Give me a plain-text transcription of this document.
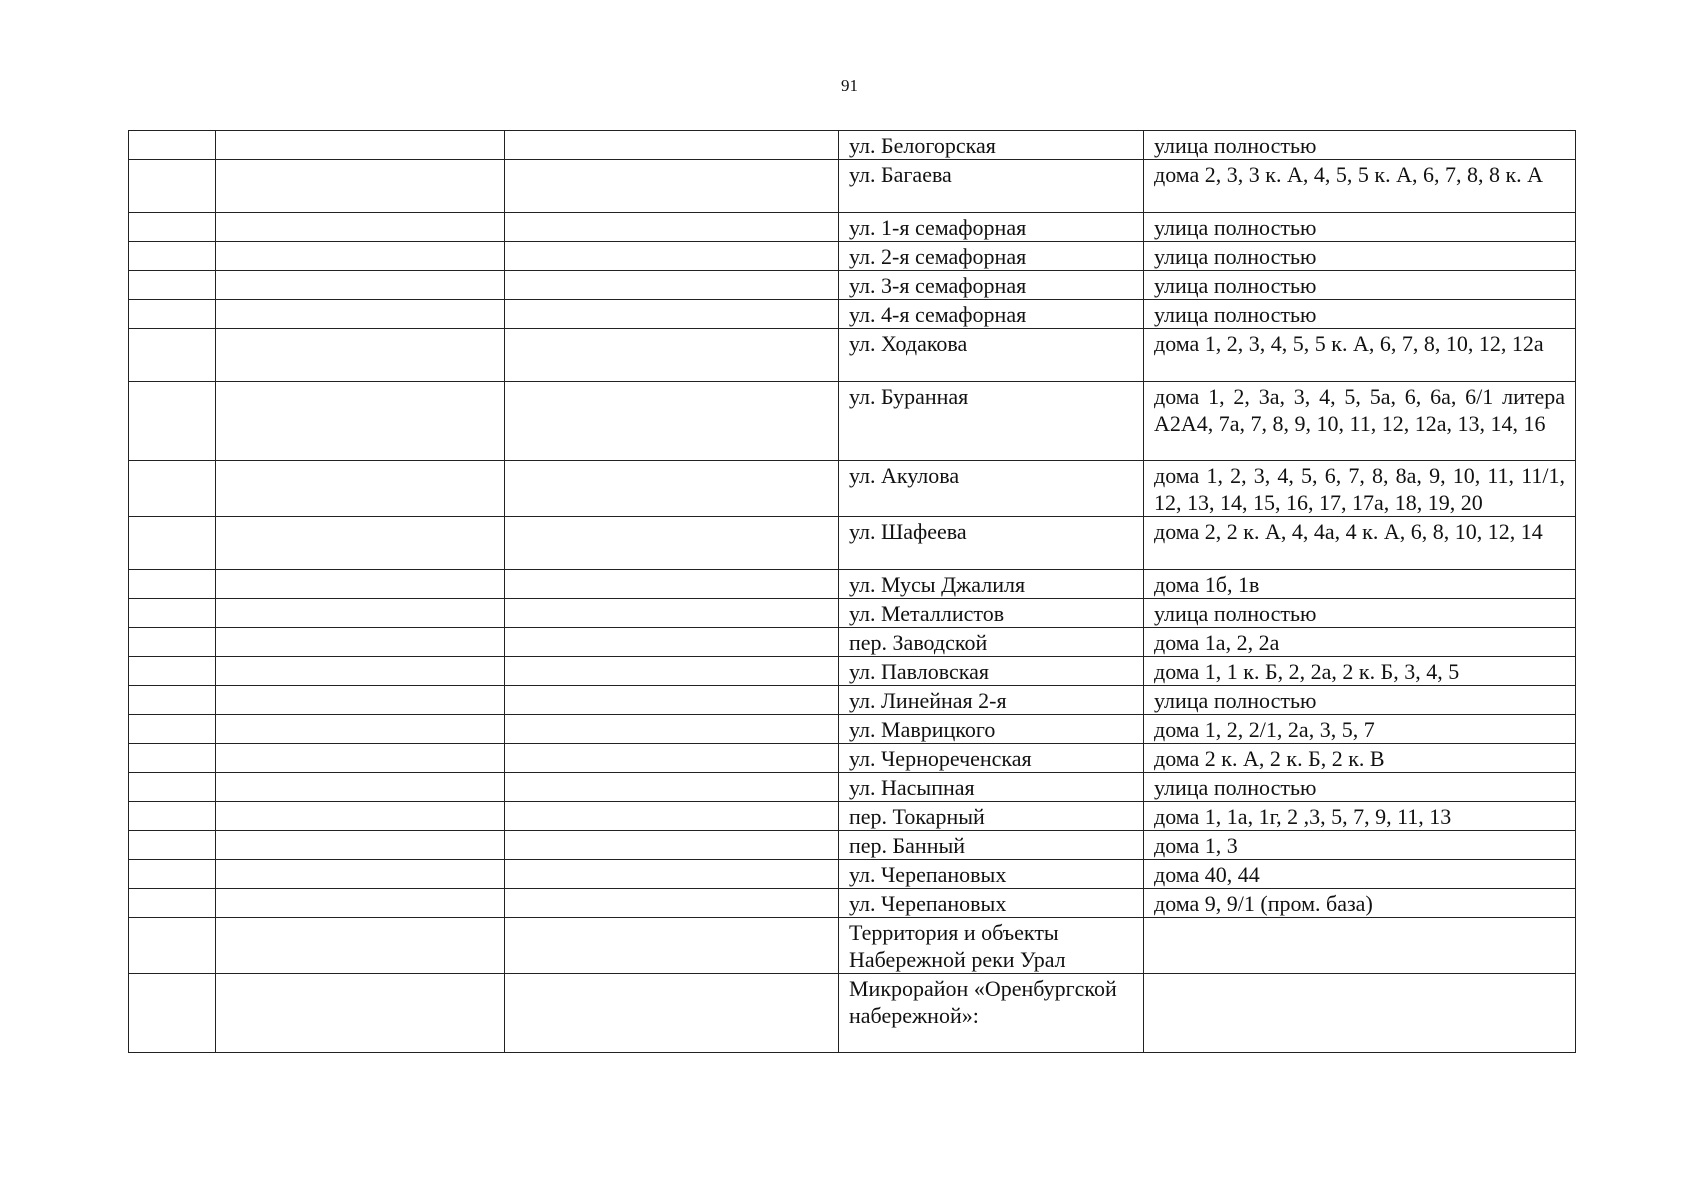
91

			ул. Белогорская	улица полностью

			ул. Багаева	дома 2, 3, 3 к. А, 4, 5, 5 к. А, 6, 7, 8, 8 к. А

			ул. 1-я семафорная	улица полностью

			ул. 2-я семафорная	улица полностью

			ул. 3-я семафорная	улица полностью

			ул. 4-я семафорная	улица полностью

			ул. Ходакова	дома 1, 2, 3, 4, 5, 5 к. А, 6, 7, 8, 10, 12, 12а

			ул. Буранная	дома 1, 2, 3а, 3, 4, 5, 5а, 6, 6а, 6/1 литера А2А4, 7а, 7, 8, 9, 10, 11, 12, 12а, 13, 14, 16

			ул. Акулова	дома 1, 2, 3, 4, 5, 6, 7, 8, 8а, 9, 10, 11, 11/1, 12, 13, 14, 15, 16, 17, 17а, 18, 19, 20

			ул. Шафеева	дома 2, 2 к. А, 4, 4а, 4 к. А, 6, 8, 10, 12, 14

			ул. Мусы Джалиля	дома 1б, 1в

			ул. Металлистов	улица полностью

			пер. Заводской	дома 1а, 2, 2а

			ул. Павловская	дома 1, 1 к. Б, 2, 2а, 2 к. Б, 3, 4, 5

			ул. Линейная 2-я	улица полностью

			ул. Маврицкого	дома 1, 2, 2/1, 2а, 3, 5, 7

			ул. Черноречeнская	дома 2 к. А, 2 к. Б, 2 к. В

			ул. Насыпная	улица полностью

			пер. Токарный	дома 1, 1а, 1г, 2 ,3, 5, 7, 9, 11, 13

			пер. Банный	дома 1, 3

			ул. Черепановых	дома 40, 44

			ул. Черепановых	дома 9, 9/1 (пром. база)

			Территория и объекты Набережной реки Урал	

			Микрорайон «Оренбургской набережной»:	
